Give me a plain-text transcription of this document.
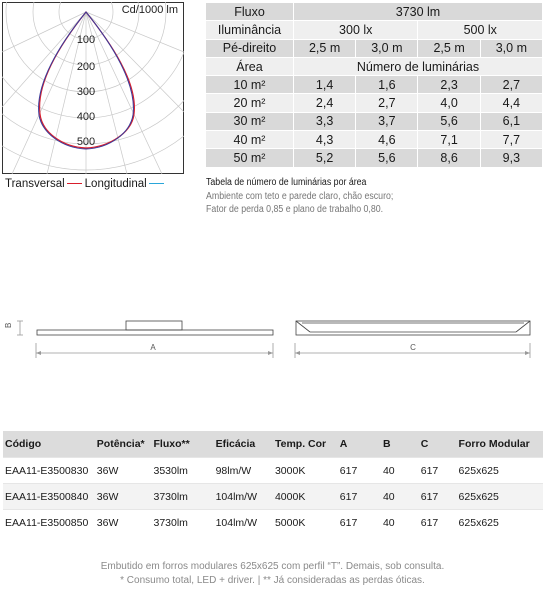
Cd/1000 lm
100
200
300
400
500
Transversal Longitudinal
Fluxo	3730 lm			
Iluminância	300 lx		500 lx	
Pé-direito	2,5 m	3,0 m	2,5 m	3,0 m
Área	Número de luminárias			
10 m²	1,4	1,6	2,3	2,7
20 m²	2,4	2,7	4,0	4,4
30 m²	3,3	3,7	5,6	6,1
40 m²	4,3	4,6	7,1	7,7
50 m²	5,2	5,6	8,6	9,3
Tabela de número de luminárias por área
Ambiente com teto e parede claro, chão escuro;
Fator de perda 0,85 e plano de trabalho 0,80.
B
A	C
Código	Potência*	Fluxo**	Eficácia	Temp. Cor	A	B	C	Forro Modular
EAA11-E3500830	36W	3530lm	98lm/W	3000K	617	40	617	625x625
EAA11-E3500840	36W	3730lm	104lm/W	4000K	617	40	617	625x625
EAA11-E3500850	36W	3730lm	104lm/W	5000K	617	40	617	625x625
Embutido em forros modulares 625x625 com perfil “T”. Demais, sob consulta.
* Consumo total, LED + driver. | ** Já consideradas as perdas óticas.
